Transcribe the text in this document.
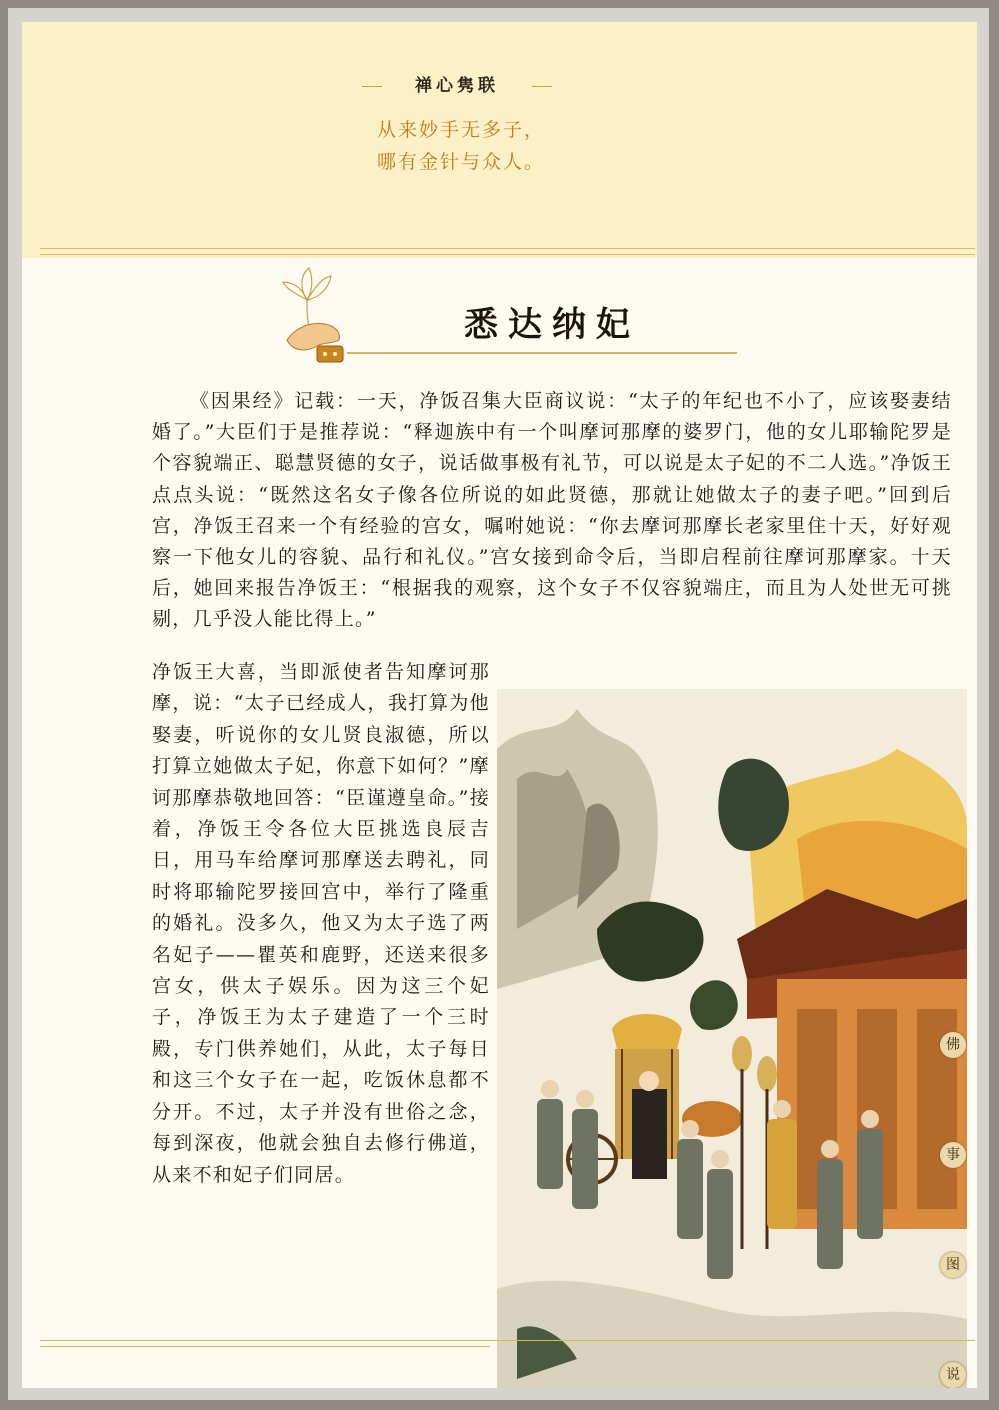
禅心隽联
从来妙手无多子，
哪有金针与众人。
悉达纳妃

《因果经》记载：一天，净饭召集大臣商议说：“太子的年纪也不小了，应该娶妻结婚了。”大臣们于是推荐说：“释迦族中有一个叫摩诃那摩的婆罗门，他的女儿耶输陀罗是个容貌端正、聪慧贤德的女子，说话做事极有礼节，可以说是太子妃的不二人选。”净饭王点点头说：“既然这名女子像各位所说的如此贤德，那就让她做太子的妻子吧。”回到后宫，净饭王召来一个有经验的宫女，嘱咐她说：“你去摩诃那摩长老家里住十天，好好观察一下他女儿的容貌、品行和礼仪。”宫女接到命令后，当即启程前往摩诃那摩家。十天后，她回来报告净饭王：“根据我的观察，这个女子不仅容貌端庄，而且为人处世无可挑剔，几乎没人能比得上。”

净饭王大喜，当即派使者告知摩诃那摩，说：“太子已经成人，我打算为他娶妻，听说你的女儿贤良淑德，所以打算立她做太子妃，你意下如何？”摩诃那摩恭敬地回答：“臣谨遵皇命。”接着，净饭王令各位大臣挑选良辰吉日，用马车给摩诃那摩送去聘礼，同时将耶输陀罗接回宫中，举行了隆重的婚礼。没多久，他又为太子选了两名妃子——瞿英和鹿野，还送来很多宫女，供太子娱乐。因为这三个妃子，净饭王为太子建造了一个三时殿，专门供养她们，从此，太子每日和这三个女子在一起，吃饭休息都不分开。不过，太子并没有世俗之念，每到深夜，他就会独自去修行佛道，从来不和妃子们同居。

佛
事
图
说
